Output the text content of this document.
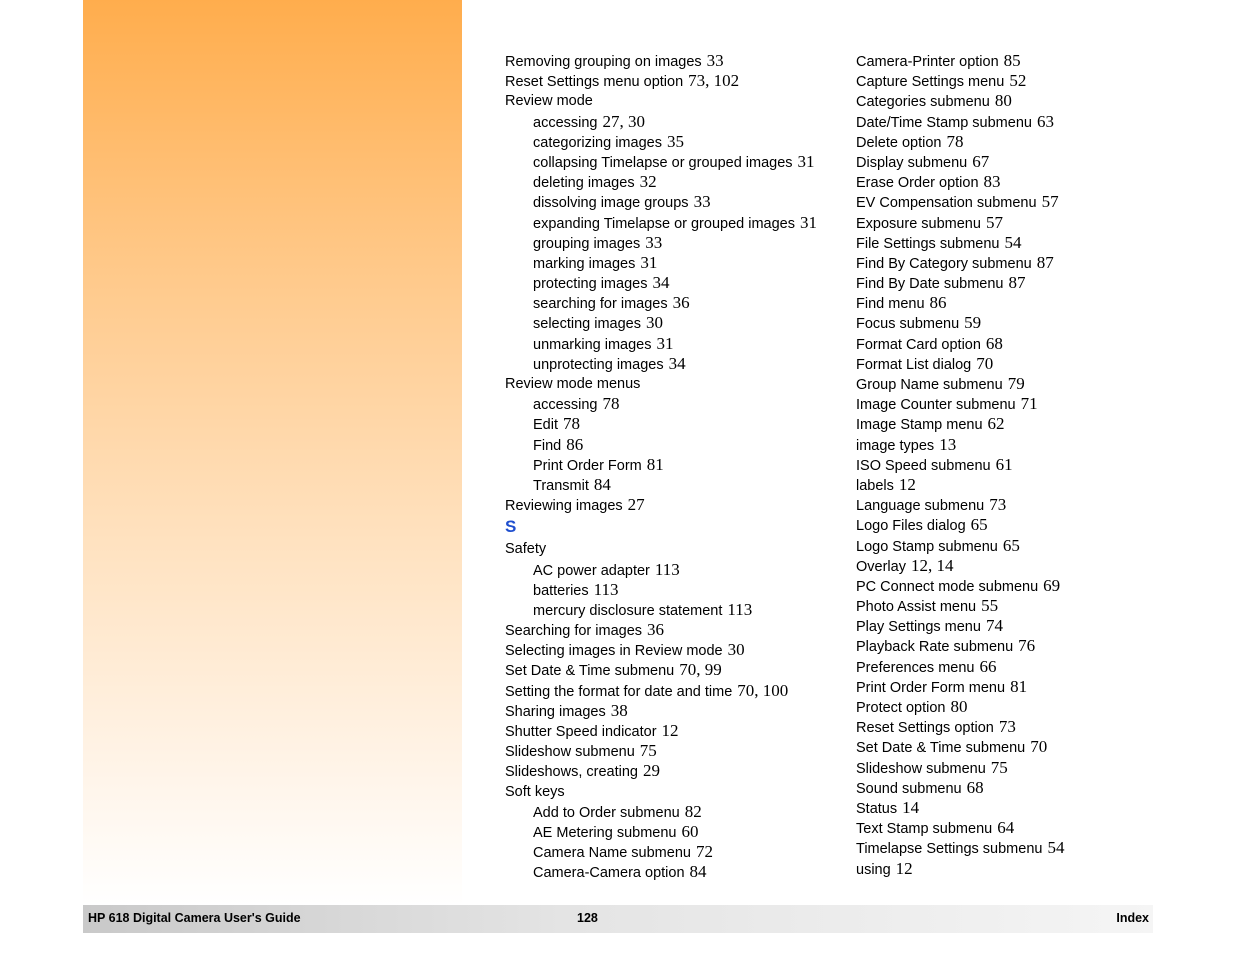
Removing grouping on images 33
Reset Settings menu option 73, 102
Review mode
accessing 27, 30
categorizing images 35
collapsing Timelapse or grouped images 31
deleting images 32
dissolving image groups 33
expanding Timelapse or grouped images 31
grouping images 33
marking images 31
protecting images 34
searching for images 36
selecting images 30
unmarking images 31
unprotecting images 34
Review mode menus
accessing 78
Edit 78
Find 86
Print Order Form 81
Transmit 84
Reviewing images 27
S
Safety
AC power adapter 113
batteries 113
mercury disclosure statement 113
Searching for images 36
Selecting images in Review mode 30
Set Date & Time submenu 70, 99
Setting the format for date and time 70, 100
Sharing images 38
Shutter Speed indicator 12
Slideshow submenu 75
Slideshows, creating 29
Soft keys
Add to Order submenu 82
AE Metering submenu 60
Camera Name submenu 72
Camera-Camera option 84
Camera-Printer option 85
Capture Settings menu 52
Categories submenu 80
Date/Time Stamp submenu 63
Delete option 78
Display submenu 67
Erase Order option 83
EV Compensation submenu 57
Exposure submenu 57
File Settings submenu 54
Find By Category submenu 87
Find By Date submenu 87
Find menu 86
Focus submenu 59
Format Card option 68
Format List dialog 70
Group Name submenu 79
Image Counter submenu 71
Image Stamp menu 62
image types 13
ISO Speed submenu 61
labels 12
Language submenu 73
Logo Files dialog 65
Logo Stamp submenu 65
Overlay 12, 14
PC Connect mode submenu 69
Photo Assist menu 55
Play Settings menu 74
Playback Rate submenu 76
Preferences menu 66
Print Order Form menu 81
Protect option 80
Reset Settings option 73
Set Date & Time submenu 70
Slideshow submenu 75
Sound submenu 68
Status 14
Text Stamp submenu 64
Timelapse Settings submenu 54
using 12
HP 618 Digital Camera User's Guide	128	Index
